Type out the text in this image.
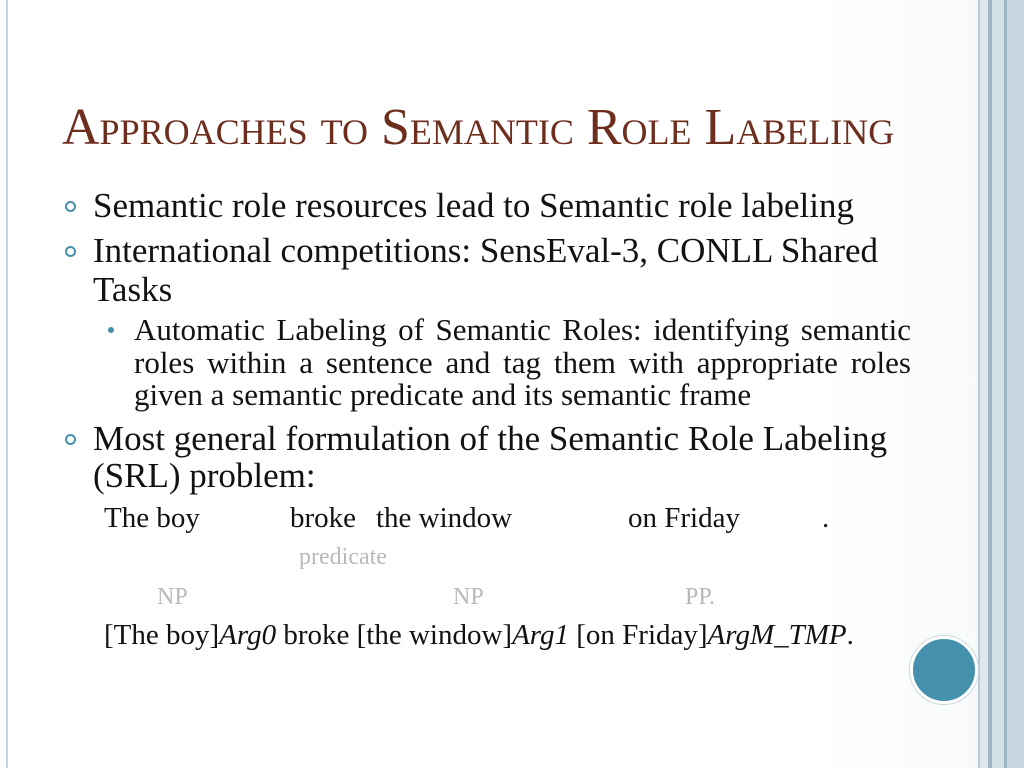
Approaches to Semantic Role Labeling
Semantic role resources lead to Semantic role labeling
International competitions: SensEval-3, CONLL Shared Tasks
Automatic Labeling of Semantic Roles: identifying semantic roles within a sentence and tag them with appropriate roles given a semantic predicate and its semantic frame
Most general formulation of the Semantic Role Labeling (SRL) problem:
The boy	broke the window	on Friday	.
predicate
NP	NP	PP.
[The boy]Arg0 broke [the window]Arg1 [on Friday]ArgM_TMP.
